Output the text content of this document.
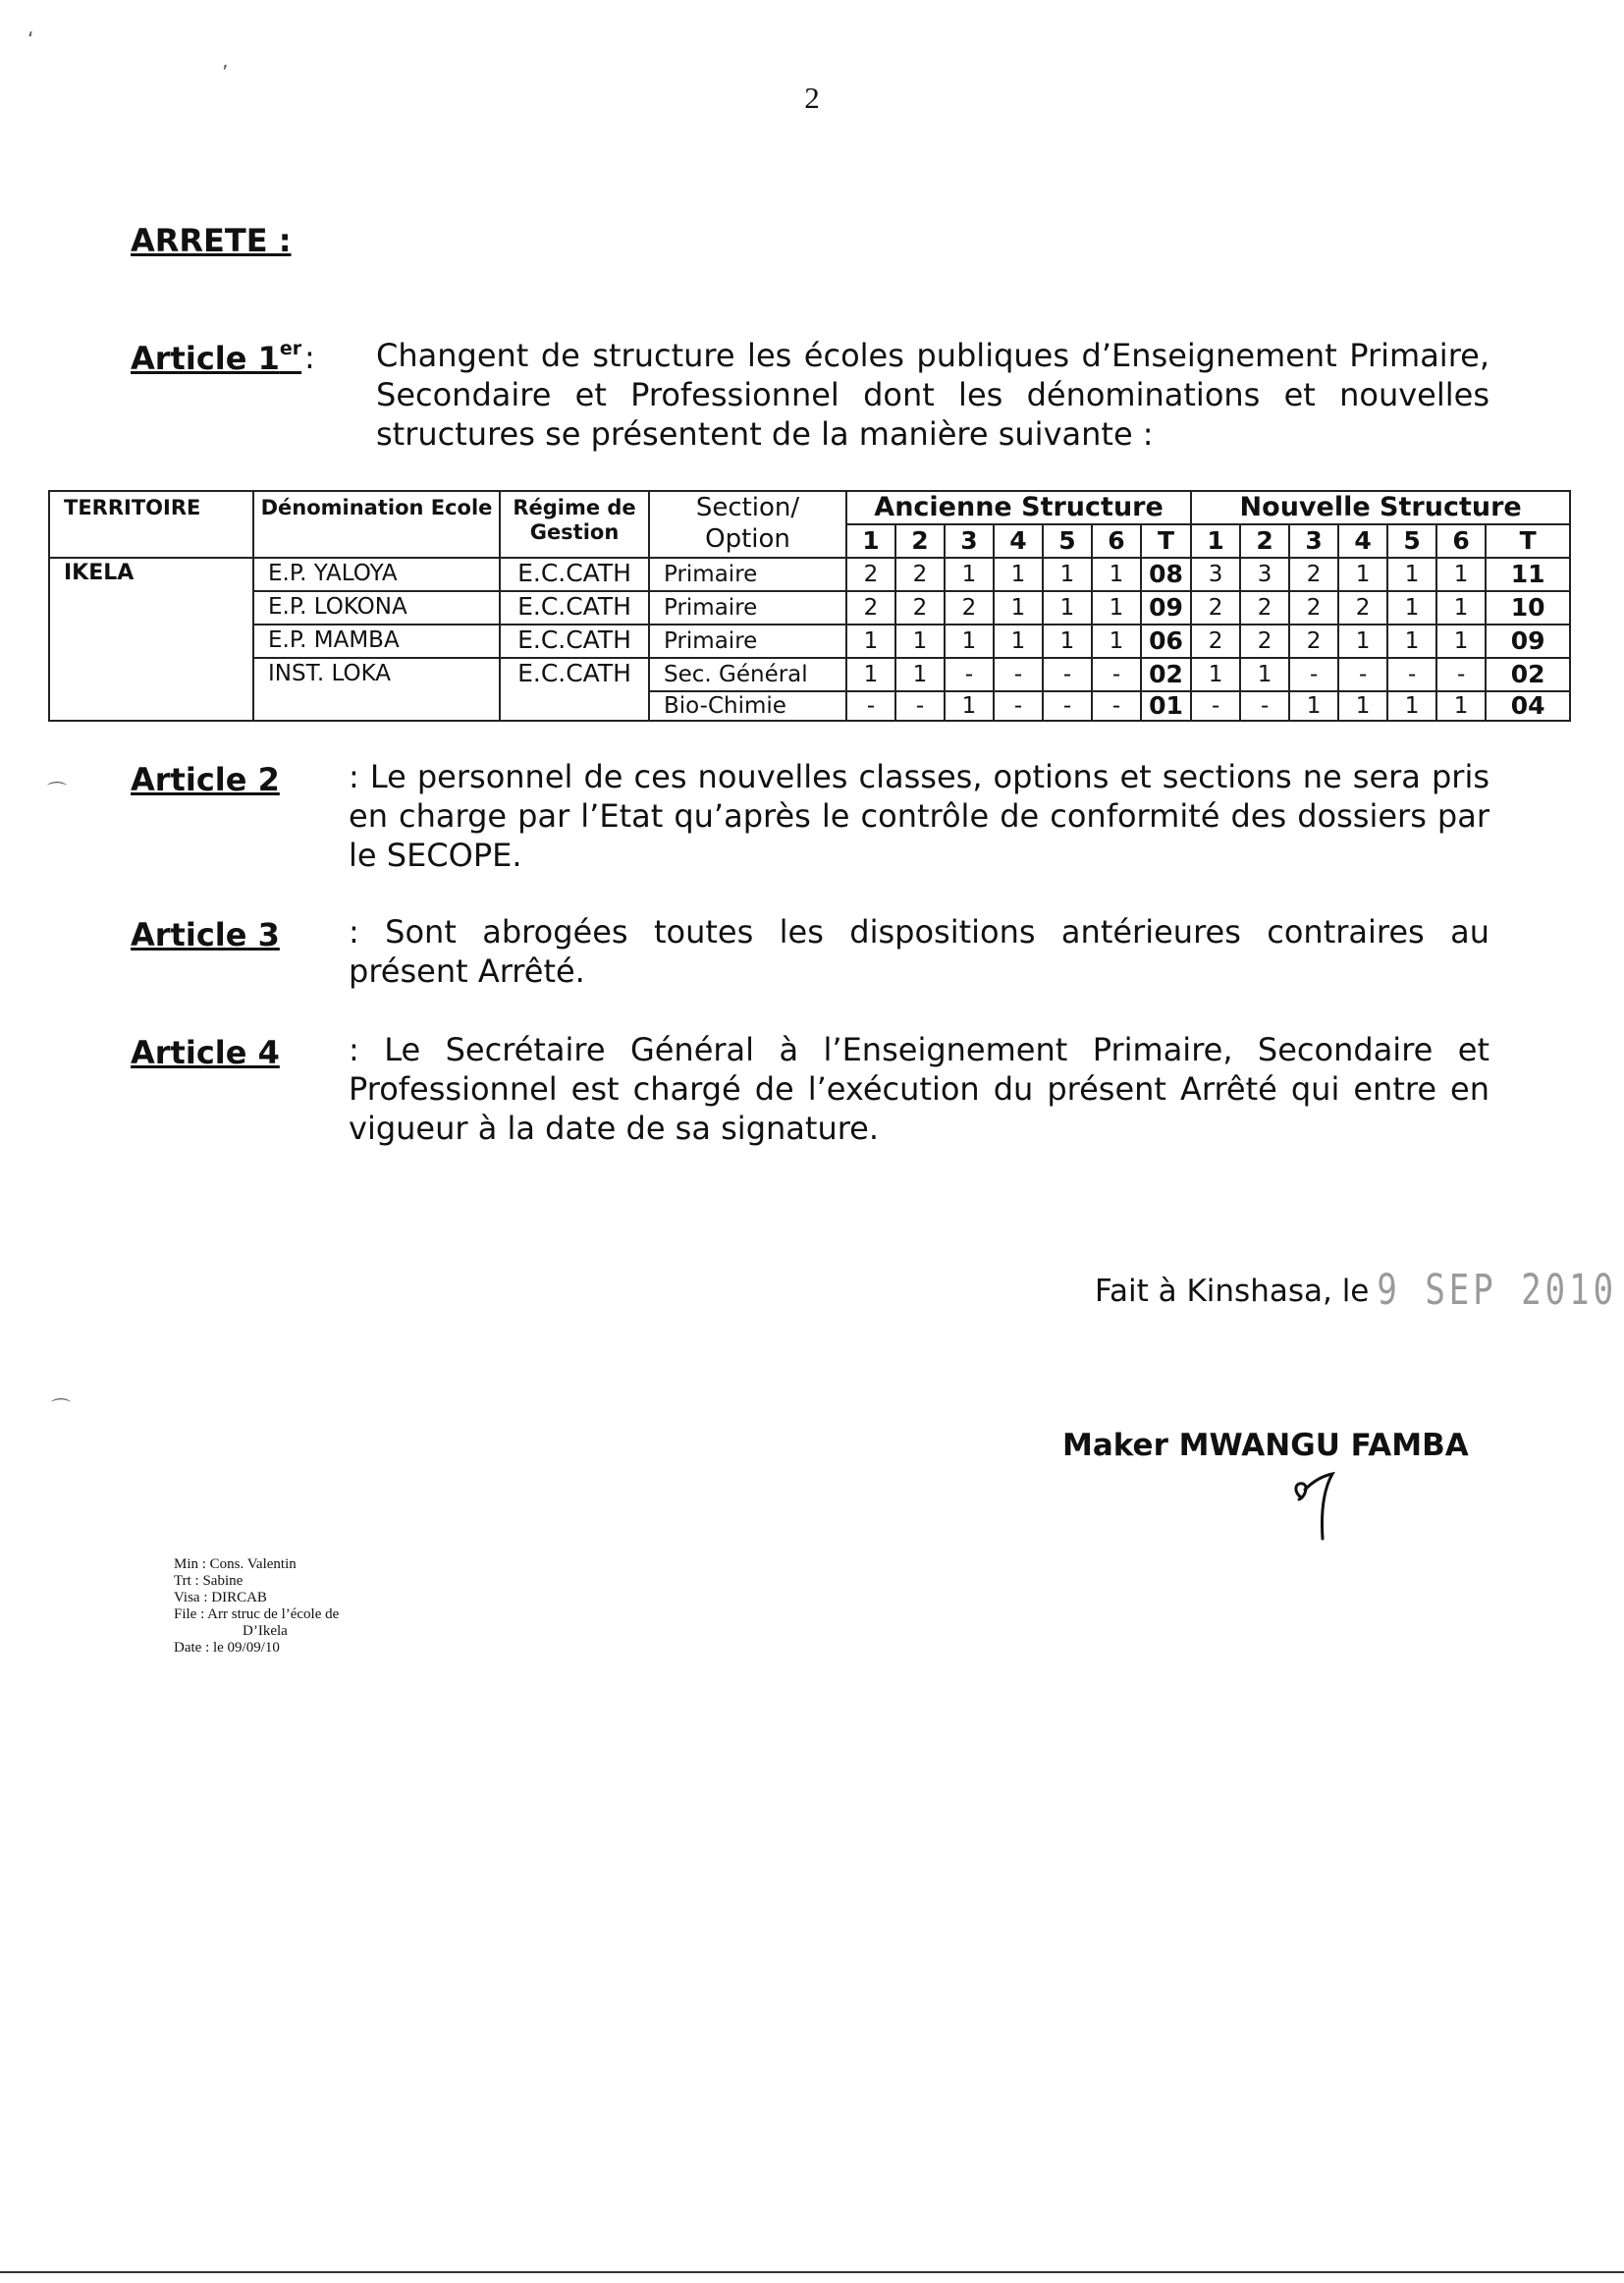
2
‘
’
ARRETE :
Article 1er : Changent de structure les écoles publiques d’Enseignement Primaire, Secondaire et Professionnel dont les dénominations et nouvelles structures se présentent de la manière suivante :
TERRITOIRE	Dénomination Ecole	Régime de Gestion	Section/ Option	Ancienne Structure							Nouvelle Structure						
				1	2	3	4	5	6	T	1	2	3	4	5	6	T
IKELA	E.P. YALOYA	E.C.CATH	Primaire	2	2	1	1	1	1	08	3	3	2	1	1	1	11
	E.P. LOKONA	E.C.CATH	Primaire	2	2	2	1	1	1	09	2	2	2	2	1	1	10
	E.P. MAMBA	E.C.CATH	Primaire	1	1	1	1	1	1	06	2	2	2	1	1	1	09
	INST. LOKA	E.C.CATH	Sec. Général	1	1	-	-	-	-	02	1	1	-	-	-	-	02
			Bio-Chimie	-	-	1	-	-	-	01	-	-	1	1	1	1	04
⌒ Article 2 : Le personnel de ces nouvelles classes, options et sections ne sera pris en charge par l’Etat qu’après le contrôle de conformité des dossiers par le SECOPE.
Article 3 : Sont abrogées toutes les dispositions antérieures contraires au présent Arrêté.
Article 4 : Le Secrétaire Général à l’Enseignement Primaire, Secondaire et Professionnel est chargé de l’exécution du présent Arrêté qui entre en vigueur à la date de sa signature.
Fait à Kinshasa, le 9 SEP 2010
⌒
Maker MWANGU FAMBA
Min : Cons. Valentin
Trt : Sabine
Visa : DIRCAB
File : Arr struc de l’école de
D’Ikela
Date : le 09/09/10
